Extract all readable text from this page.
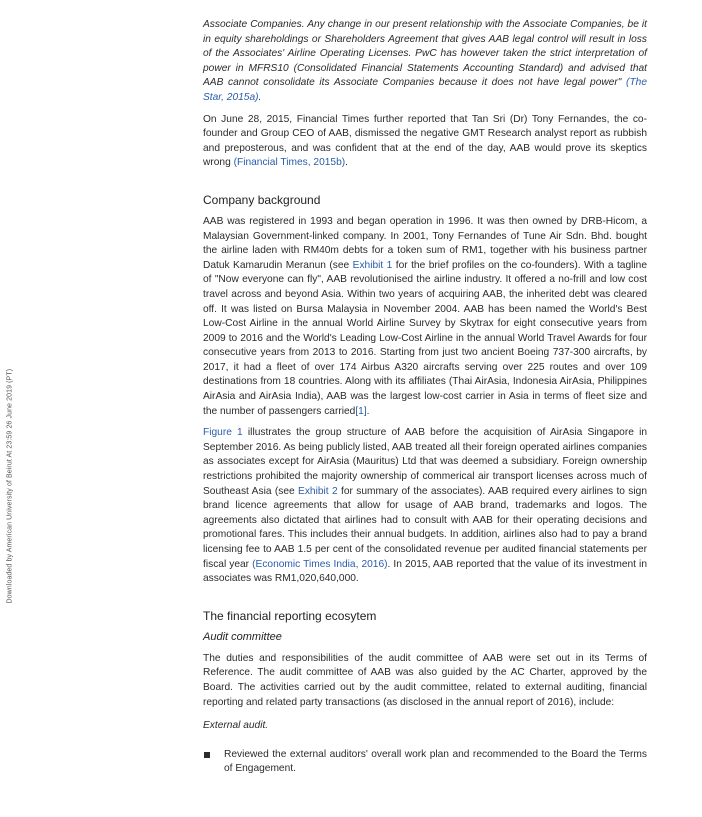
Downloaded by American University of Beirut At 23:59 26 June 2019 (PT)

Associate Companies. Any change in our present relationship with the Associate Companies, be it in equity shareholdings or Shareholders Agreement that gives AAB legal control will result in loss of the Associates' Airline Operating Licenses. PwC has however taken the strict interpretation of power in MFRS10 (Consolidated Financial Statements Accounting Standard) and advised that AAB cannot consolidate its Associate Companies because it does not have legal power" (The Star, 2015a).

On June 28, 2015, Financial Times further reported that Tan Sri (Dr) Tony Fernandes, the co-founder and Group CEO of AAB, dismissed the negative GMT Research analyst report as rubbish and preposterous, and was confident that at the end of the day, AAB would prove its skeptics wrong (Financial Times, 2015b).

Company background

AAB was registered in 1993 and began operation in 1996. It was then owned by DRB-Hicom, a Malaysian Government-linked company. In 2001, Tony Fernandes of Tune Air Sdn. Bhd. bought the airline laden with RM40m debts for a token sum of RM1, together with his business partner Datuk Kamarudin Meranun (see Exhibit 1 for the brief profiles on the co-founders). With a tagline of "Now everyone can fly", AAB revolutionised the airline industry. It offered a no-frill and low cost travel across and beyond Asia. Within two years of acquiring AAB, the inherited debt was cleared off. It was listed on Bursa Malaysia in November 2004. AAB has been named the World's Best Low-Cost Airline in the annual World Airline Survey by Skytrax for eight consecutive years from 2009 to 2016 and the World's Leading Low-Cost Airline in the annual World Travel Awards for four consecutive years from 2013 to 2016. Starting from just two ancient Boeing 737-300 aircrafts, by 2017, it had a fleet of over 174 Airbus A320 aircrafts serving over 225 routes and over 109 destinations from 18 countries. Along with its affiliates (Thai AirAsia, Indonesia AirAsia, Philippines AirAsia and AirAsia India), AAB was the largest low-cost carrier in Asia in terms of fleet size and the number of passengers carried[1].

Figure 1 illustrates the group structure of AAB before the acquisition of AirAsia Singapore in September 2016. As being publicly listed, AAB treated all their foreign operated airlines companies as associates except for AirAsia (Mauritus) Ltd that was deemed a subsidiary. Foreign ownership restrictions prohibited the majority ownership of commerical air transport licenses across much of Southeast Asia (see Exhibit 2 for summary of the associates). AAB required every airlines to sign brand licence agreements that allow for usage of AAB brand, trademarks and logos. The agreements also dictated that airlines had to consult with AAB for their operating decisions and promotional fares. This includes their annual budgets. In addition, airlines also had to pay a brand licensing fee to AAB 1.5 per cent of the consolidated revenue per audited financial statements per fiscal year (Economic Times India, 2016). In 2015, AAB reported that the value of its investment in associates was RM1,020,640,000.

The financial reporting ecosytem
Audit committee

The duties and responsibilities of the audit committee of AAB were set out in its Terms of Reference. The audit committee of AAB was also guided by the AC Charter, approved by the Board. The activities carried out by the audit committee, related to external auditing, financial reporting and related party transactions (as disclosed in the annual report of 2016), include:

External audit.
Reviewed the external auditors' overall work plan and recommended to the Board the Terms of Engagement.
